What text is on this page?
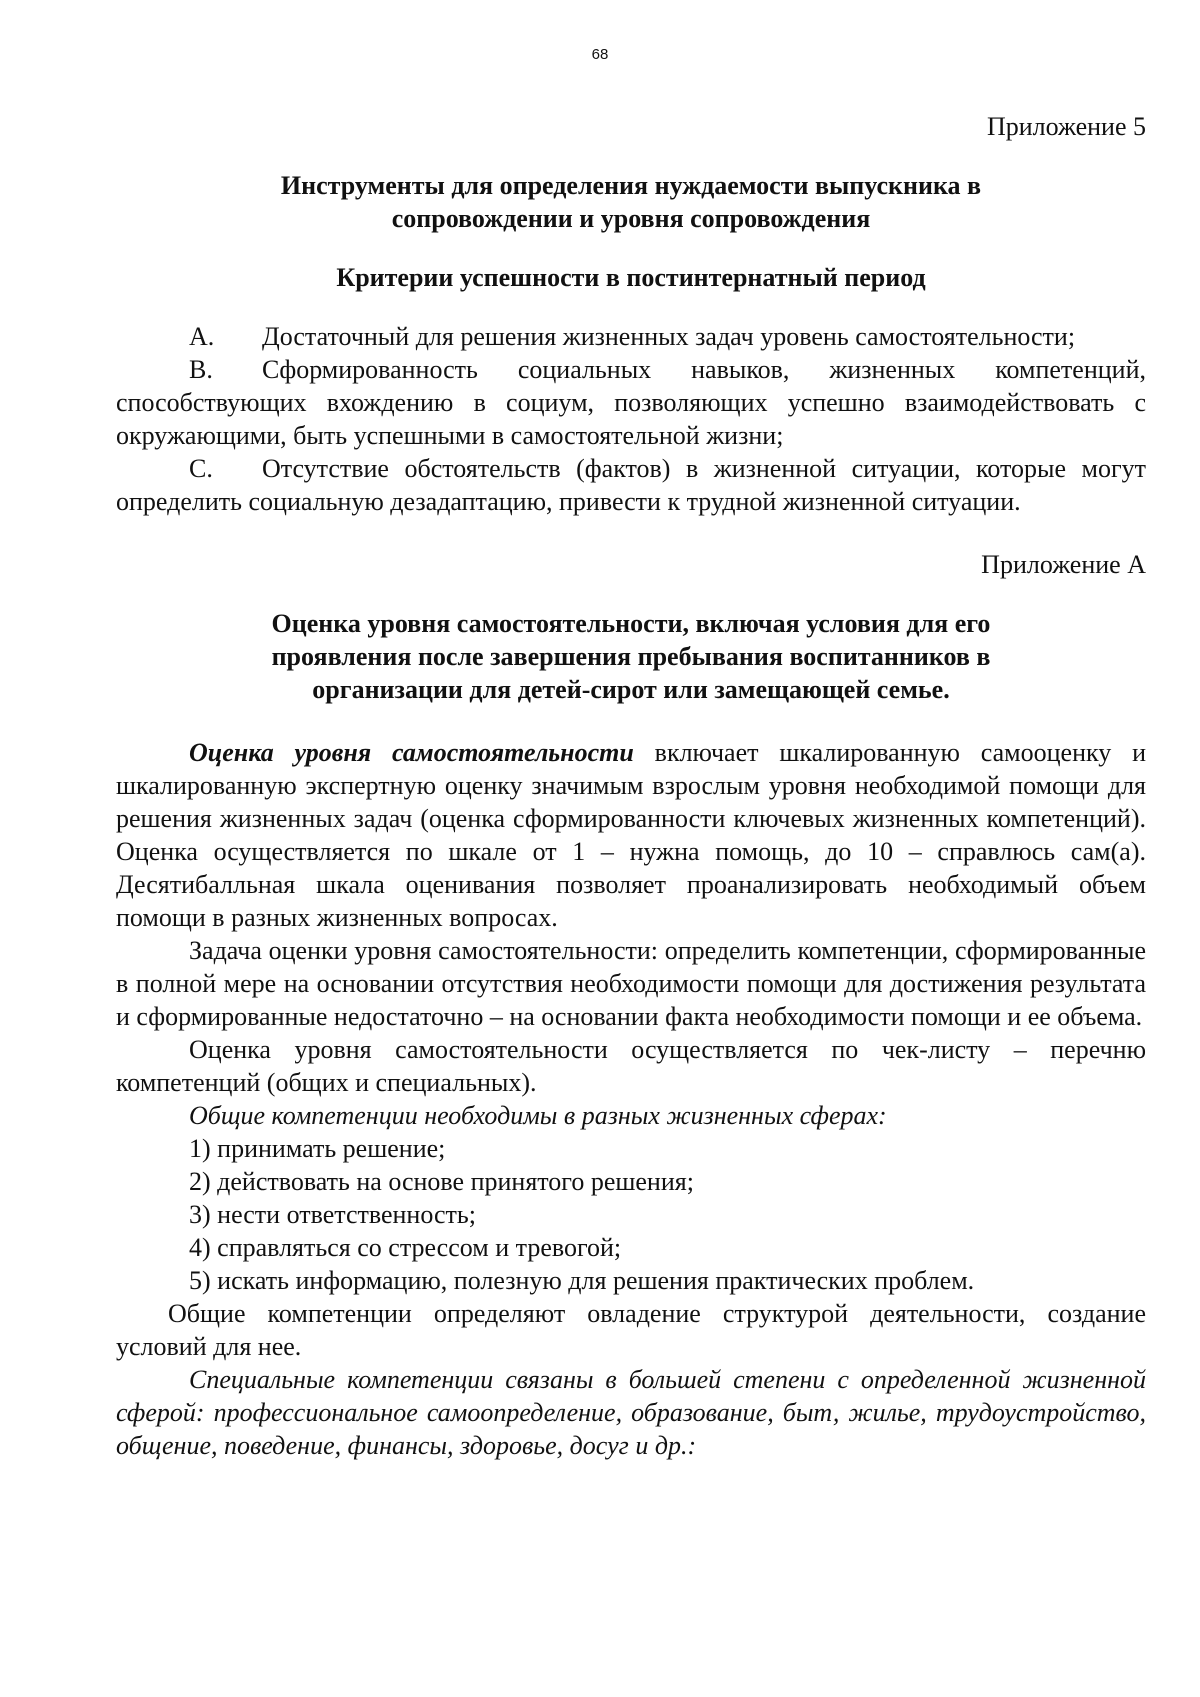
68

Приложение 5

Инструменты для определения нуждаемости выпускника в

сопровождении и уровня сопровождения

Критерии успешности в постинтернатный период

A. Достаточный для решения жизненных задач уровень самостоятельности;

B. Сформированность социальных навыков, жизненных компетенций, способствующих вхождению в социум, позволяющих успешно взаимодействовать с окружающими, быть успешными в самостоятельной жизни;

C. Отсутствие обстоятельств (фактов) в жизненной ситуации, которые могут определить социальную дезадаптацию, привести к трудной жизненной ситуации.

Приложение А

Оценка уровня самостоятельности, включая условия для его

проявления после завершения пребывания воспитанников в

организации для детей-сирот или замещающей семье.

Оценка уровня самостоятельности включает шкалированную самооценку и шкалированную экспертную оценку значимым взрослым уровня необходимой помощи для решения жизненных задач (оценка сформированности ключевых жизненных компетенций). Оценка осуществляется по шкале от 1 – нужна помощь, до 10 – справлюсь сам(а). Десятибалльная шкала оценивания позволяет проанализировать необходимый объем помощи в разных жизненных вопросах.

Задача оценки уровня самостоятельности: определить компетенции, сформированные в полной мере на основании отсутствия необходимости помощи для достижения результата и сформированные недостаточно – на основании факта необходимости помощи и ее объема.

Оценка уровня самостоятельности осуществляется по чек-листу – перечню компетенций (общих и специальных).

Общие компетенции необходимы в разных жизненных сферах:

1) принимать решение;

2) действовать на основе принятого решения;

3) нести ответственность;

4) справляться со стрессом и тревогой;

5) искать информацию, полезную для решения практических проблем.

Общие компетенции определяют овладение структурой деятельности, создание условий для нее.

Специальные компетенции связаны в большей степени с определенной жизненной сферой: профессиональное самоопределение, образование, быт, жилье, трудоустройство, общение, поведение, финансы, здоровье, досуг и др.:
